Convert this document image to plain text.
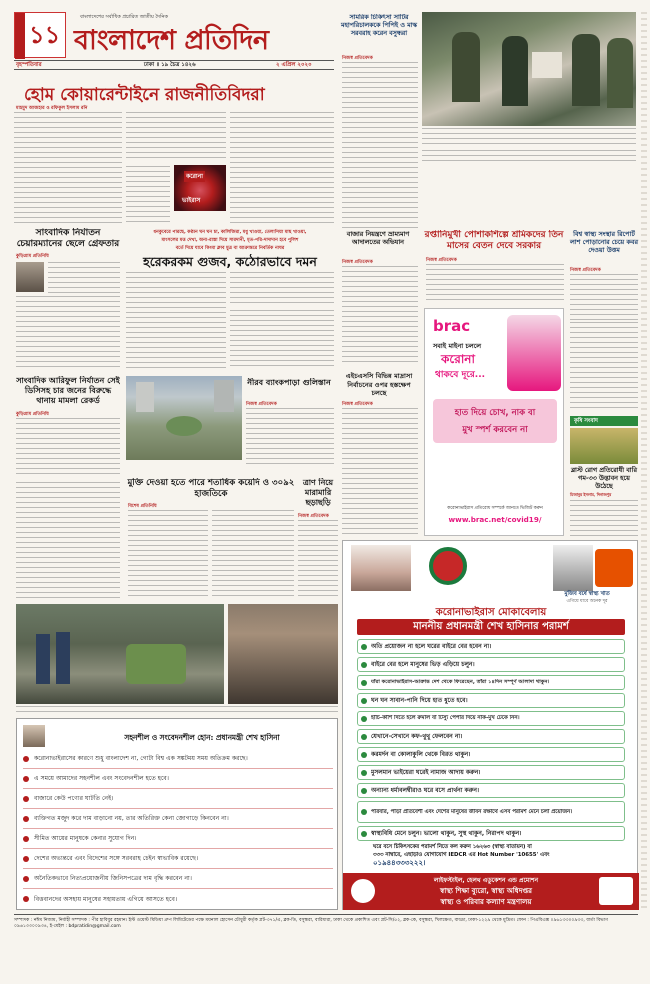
১১
বাংলাদেশের সর্বাধিক প্রচারিত জাতীয় দৈনিক
বাংলাদেশ প্রতিদিন
বৃহস্পতিবার	ঢাকা ॥ ১৯ চৈত্র ১৪২৬	২ এপ্রিল ২০২০
হোম কোয়ারেন্টাইনে রাজনীতিবিদরা
মাহমুদ আজহার ও রফিকুল ইসলাম রনি
করোনা
ভাইরাস
সামরিক চিকিৎসা সাটির মহাপরিচালককে পিপিই ও মাস্ক সরবরাহ করেন বসুন্ধরা
নিজস্ব প্রতিবেদক
বাজার নিয়ন্ত্রণে ভ্রাম্যমাণ আদালতের অভিযান
নিজস্ব প্রতিবেদক
রপ্তানিমুখী পোশাকশিল্পে শ্রমিকদের তিন মাসের বেতন দেবে সরকার
নিজস্ব প্রতিবেদক
বিশ্ব স্বাস্থ্য সংস্থার রিপোর্ট লাশ পোড়ানোর চেয়ে কবর দেওয়া উত্তম
নিজস্ব প্রতিবেদক
ধনকুবেরে পারছে, কণ্ঠ্যন ঘন ঘন চা, কালিজিরা, মধু খাওয়া, তেলাপিয়া মাছ খাওয়া,
মাংসলের মত্ত দেখা, অন্য-রাস্তা দিয়ে সারদানী, মৃত-পরি-দাদাদান হবে পুলিশ
বর্তে দিয়ে যাবে কিংবা ক্লাব মুত্র বা আক্রান্তরে নিবর্তিক নাযর
হরেকরকম গুজব, কঠোরভাবে দমন
সাংবাদিক নির্যাতন চেয়ারম্যানের ছেলে গ্রেফতার
কুড়িগ্রাম প্রতিনিধি
সাংবাদিক আরিফুল নির্যাতন সেই ডিসিসহ চার জনের বিরুদ্ধে থানায় মামলা রেকর্ড
কুড়িগ্রাম প্রতিনিধি
নীরব ব্যাংকপাড়া গুলিস্তান
নিজস্ব প্রতিবেদক
মুক্তি দেওয়া হতে পারে শতাধিক কয়েদি ও ৩০৯২ হাজতিকে
বিশেষ প্রতিনিধি
ত্রাণ নিয়ে মারামারি ছড়াছড়ি
নিজস্ব প্রতিবেদক
সহনশীল ও সংবেদনশীল হোন: প্রধানমন্ত্রী শেখ হাসিনা
করোনাভাইরাসের কারণে শুধু বাংলাদেশ না, গোটা বিশ্ব এক সঙ্কটময় সময় অতিক্রম করছে।
এ সময়ে আমাদের সহনশীল এবং সংবেদনশীল হতে হবে।
বাজারে কেউ পণ্যের ঘাটতি নেই।
ব্যক্তিগত মজুদ করে দাম বাড়ানো নয়, তার অতিরিক্ত কেনা জোগাড়ে কিনবেন না।
সীমিত আয়ের মানুষকে কেনার সুযোগ দিন।
দেশের অভ্যন্তরে এবং বিদেশের সঙ্গে সরবরাহ চেইন স্বাভাবিক রয়েছে।
অনৈতিকভাবে নিত্যপ্রয়োজনীয় জিনিসপত্রের দাম বৃদ্ধি করবেন না।
বিত্তবানদের অসহায় মানুষের সহায়তায় এগিয়ে আসতে হবে।
এইচএসসি বিভিন্ন মাদ্রাসা নির্বাচনের ওপর হস্তক্ষেপ চলছে
নিজস্ব প্রতিবেদক
brac
সবাই মাইনা চললে
করোনা
থাকবে দূরে...
হাত দিয়ে চোখ, নাক বা
মুখ স্পর্শ করবেন না
করোনাভাইরাস প্রতিরোধ সম্পর্কে জানতে ভিজিট করুন
www.brac.net/covid19/
কৃষি সংবাদ
ব্লাস্ট রোগ প্রতিরোধী বারি গম-৩৩ উদ্ভাবন হয়ে উঠেছে
মিজানুর ইসলাম, দিনাজপুর
মুজিব বর্ষে স্বাস্থ্য খাত
এগিয়ে যাবে অনেক দূর
করোনাভাইরাস মোকাবেলায়
মাননীয় প্রধানমন্ত্রী শেখ হাসিনার পরামর্শ
অতি প্রয়োজন না হলে ঘরের বাইরে বের হবেন না।
বাইরে বের হলে মানুষের ভিড় এড়িয়ে চলুন।
যাঁরা করোনাভাইরাস-আক্রান্ত দেশ থেকে ফিরেছেন, তাঁরা ১৪দিন সম্পূর্ণ আলাদা থাকুন।
ঘন ঘন সাবান-পানি দিয়ে হাত ধুতে হবে।
হাঁচি-কাশি দিতে হলে রুমাল বা টিস্যু পেপার দিয়ে নাক-মুখ ঢেকে নিন।
যেখানে-সেখানে কফ-থুথু ফেলবেন না।
করমর্দন বা কোলাকুলি থেকে বিরত থাকুন।
মুসলমান ভাইয়েরা ঘরেই নামাজ আদায় করুন।
অন্যান্য ধর্মাবলম্বীরাও ঘরে বসে প্রার্থনা করুন।
পরিবার, পাড়া প্রতিবেশী এবং দেশের মানুষের জীবন রক্ষার্থে এসব পরামর্শ মেনে চলা প্রয়োজন।
স্বাস্থ্যবিধি মেনে চলুন। ভালো থাকুন, সুস্থ থাকুন, নিরাপদ থাকুন।
ঘরে বসে চিকিৎসকের পরামর্শ নিতে কল করুন ১৬২৬৩ (স্বাস্থ্য বাতায়ন) বা
৩৩৩ নাম্বারে, এছাড়াও যোগাযোগ IEDCR এর Hot Number '10655' এবং
০১৯৪৪৩৩৩২২২।
লাইফস্টাইল, হেলথ এডুকেশন এন্ড প্রমোশন
স্বাস্থ্য শিক্ষা ব্যুরো, স্বাস্থ্য অধিদপ্তর
স্বাস্থ্য ও পরিবার কল্যাণ মন্ত্রণালয়
সম্পাদক : নঈম নিজাম, নির্বাহী সম্পাদক : পীর হাবিবুর রহমান। ইস্ট ওয়েস্ট মিডিয়া গ্রুপ লিমিটেডের পক্ষে ময়নাল হোসেন চৌধুরী কর্তৃক প্লট-৩৭১/এ, ব্লক-ডি, বসুন্ধরা, বারিধারা, ঢাকা থেকে প্রকাশিত এবং প্লট-সি/৫২, ব্লক-কে, বসুন্ধরা, খিলক্ষেত, বাড্ডা, ঢাকা-১২২৯ থেকে মুদ্রিত। ফোন : পিএবিএক্স ০৯৬১৩৩০০৯৩৩, বার্তা বিভাগ ০৯৬১৩৩০০৯৩৪, ই-মেইল : bdpratidin@gmail.com
